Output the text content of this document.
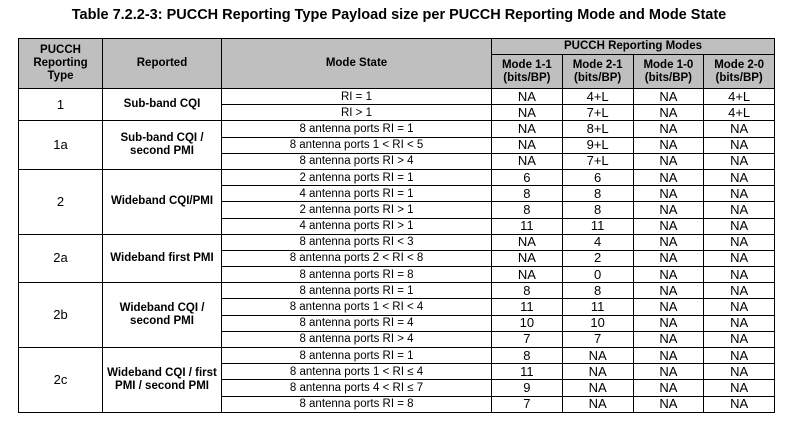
Table 7.2.2-3: PUCCH Reporting Type Payload size per PUCCH Reporting Mode and Mode State
PUCCH Reporting Type	Reported	Mode State	PUCCH Reporting Modes			
			Mode 1-1 (bits/BP)	Mode 2-1 (bits/BP)	Mode 1-0 (bits/BP)	Mode 2-0 (bits/BP)
1	Sub-band CQI	RI = 1	NA	4+L	NA	4+L
		RI > 1	NA	7+L	NA	4+L
1a	Sub-band CQI / second PMI	8 antenna ports RI = 1	NA	8+L	NA	NA
		8 antenna ports 1 < RI < 5	NA	9+L	NA	NA
		8 antenna ports RI > 4	NA	7+L	NA	NA
2	Wideband CQI/PMI	2 antenna ports RI = 1	6	6	NA	NA
		4 antenna ports RI = 1	8	8	NA	NA
		2 antenna ports RI > 1	8	8	NA	NA
		4 antenna ports RI > 1	11	11	NA	NA
2a	Wideband first PMI	8 antenna ports RI < 3	NA	4	NA	NA
		8 antenna ports 2 < RI < 8	NA	2	NA	NA
		8 antenna ports RI = 8	NA	0	NA	NA
2b	Wideband CQI / second PMI	8 antenna ports RI = 1	8	8	NA	NA
		8 antenna ports 1 < RI < 4	11	11	NA	NA
		8 antenna ports RI = 4	10	10	NA	NA
		8 antenna ports RI > 4	7	7	NA	NA
2c	Wideband CQI / first PMI / second PMI	8 antenna ports RI = 1	8	NA	NA	NA
		8 antenna ports 1 < RI ≤ 4	11	NA	NA	NA
		8 antenna ports 4 < RI ≤ 7	9	NA	NA	NA
		8 antenna ports RI = 8	7	NA	NA	NA
